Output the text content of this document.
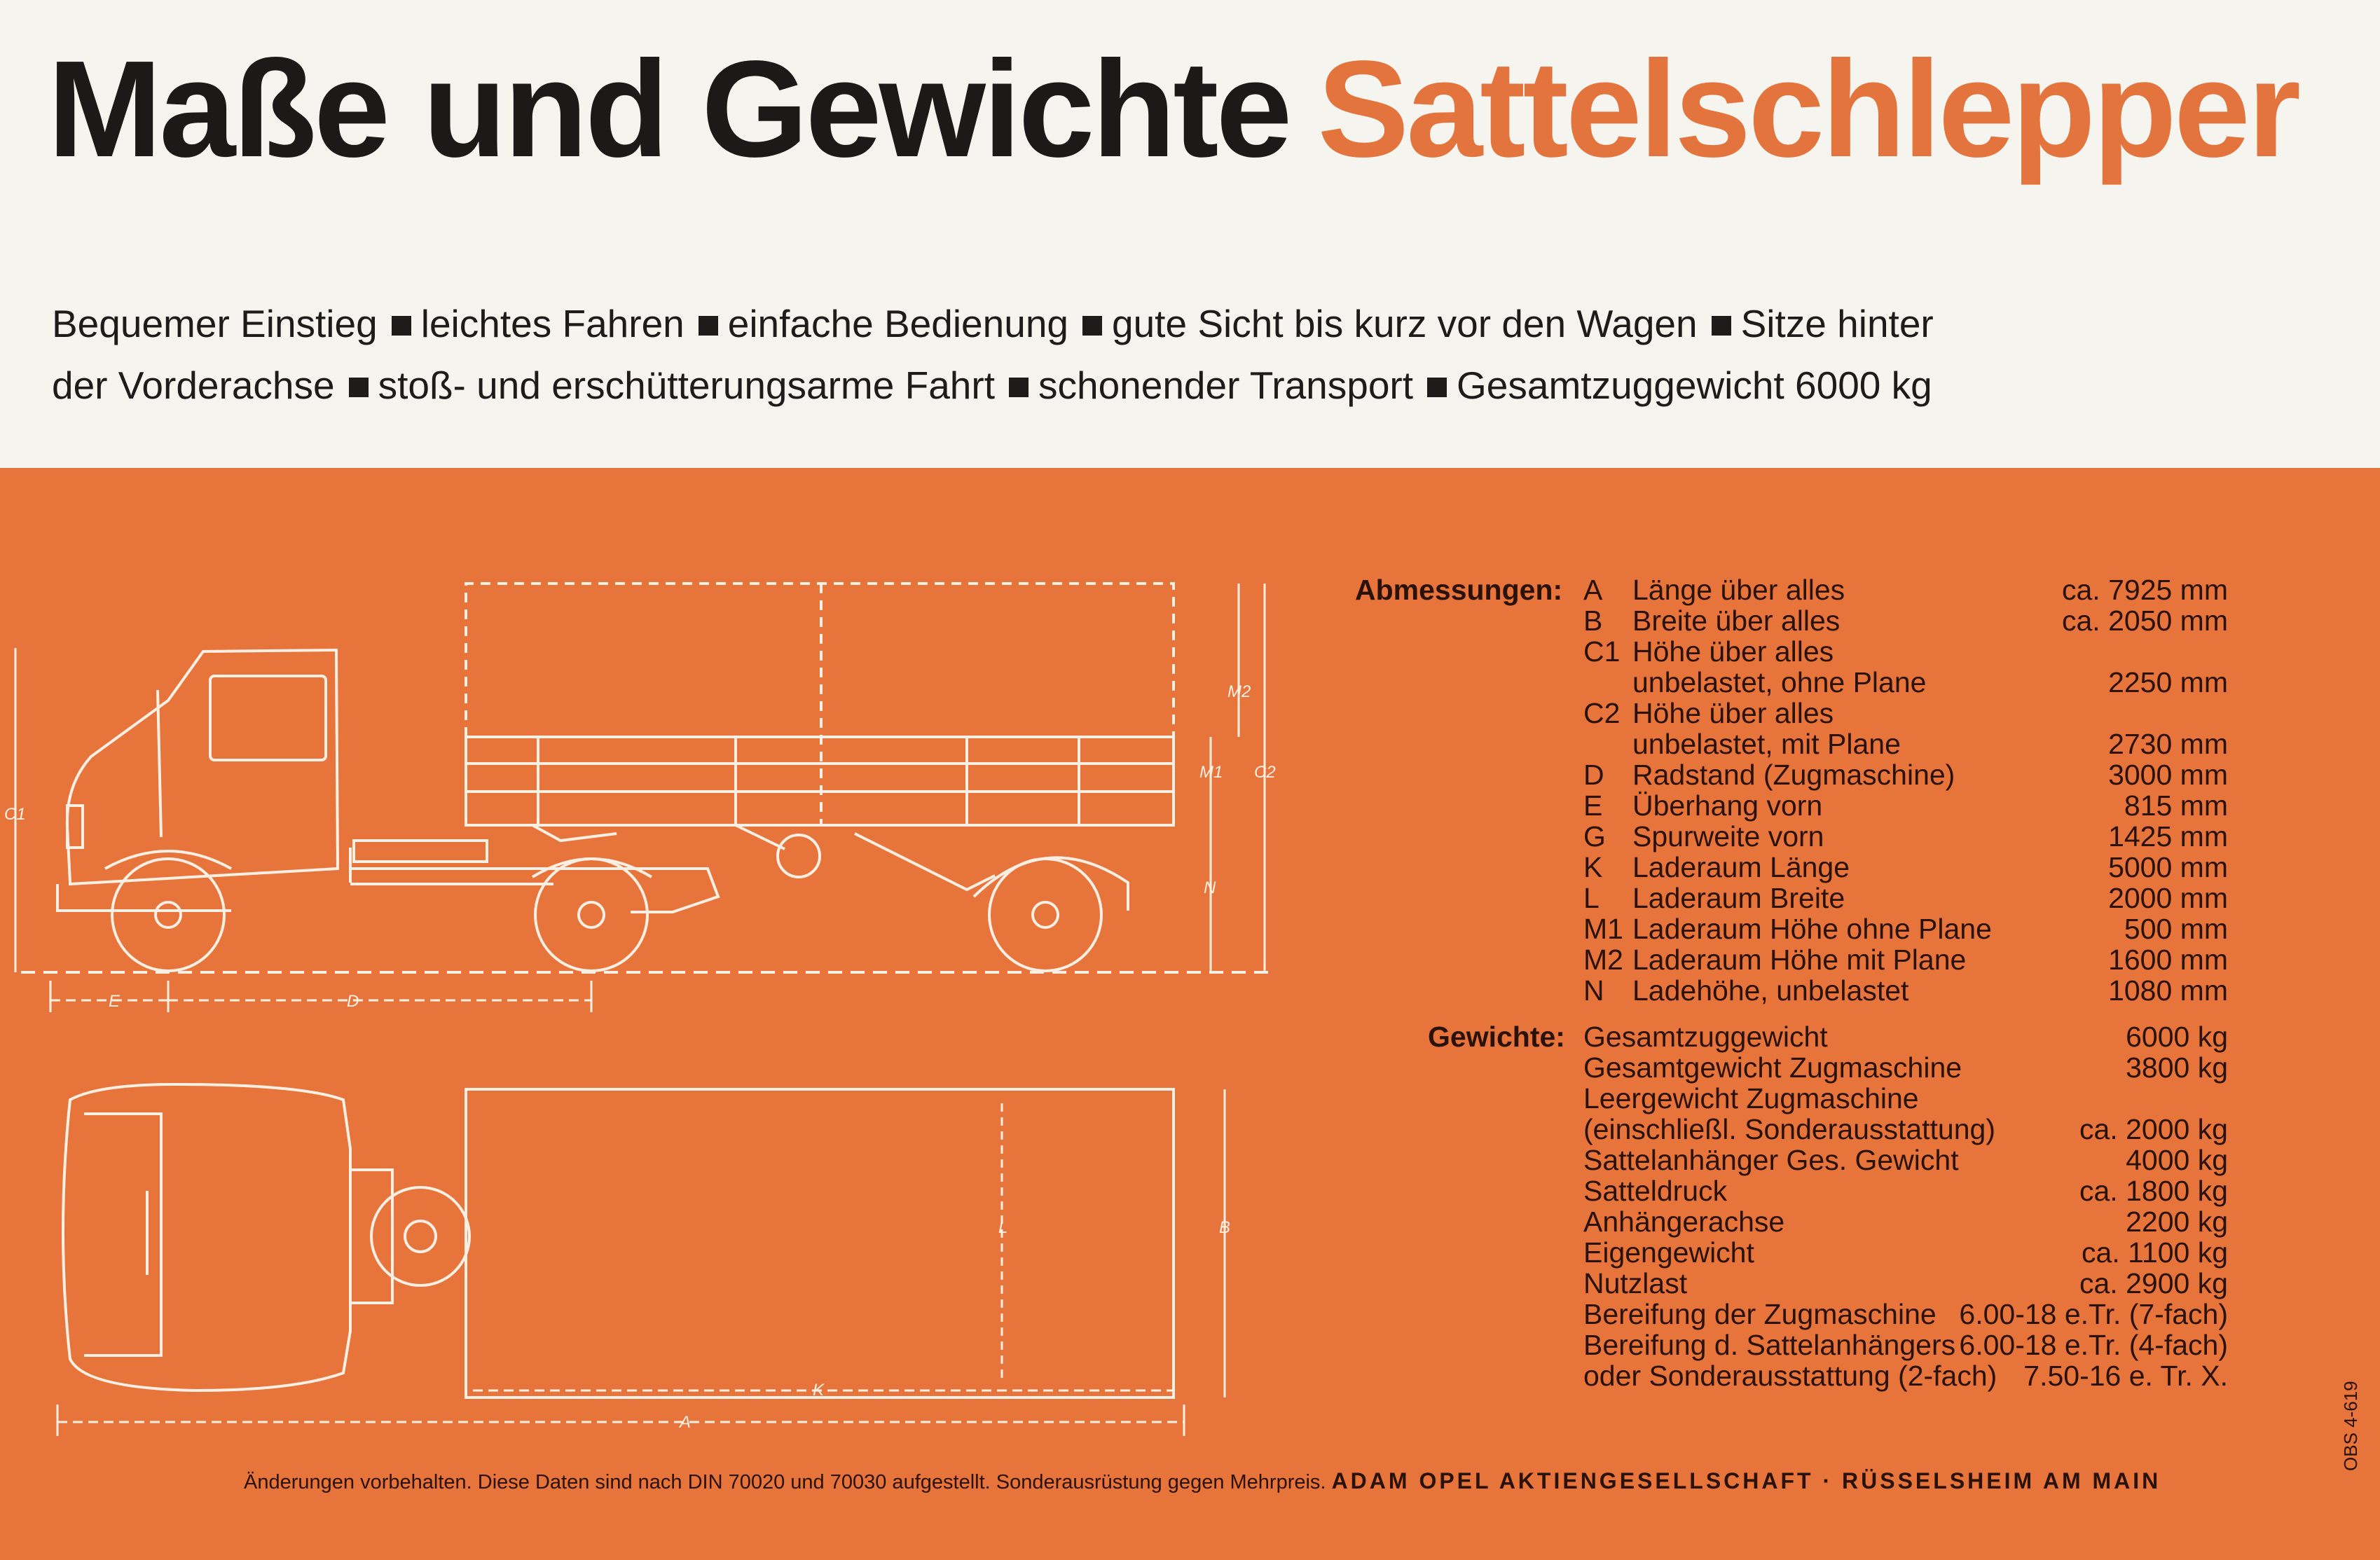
Maße und Gewichte Sattelschlepper
Bequemer Einstieg leichtes Fahren einfache Bedienung gute Sicht bis kurz vor den Wagen Sitze hinter
der Vorderachse stoß- und erschütterungsarme Fahrt schonender Transport Gesamtzuggewicht 6000 kg
C1
M2
M1 C2
N
E	D
L	B
K
A
Abmessungen: A Länge über alles	ca. 7925 mm
B Breite über alles	ca. 2050 mm
C1 Höhe über alles
unbelastet, ohne Plane	2250 mm
C2 Höhe über alles
unbelastet, mit Plane	2730 mm
D Radstand (Zugmaschine)	3000 mm
E Überhang vorn	815 mm
G Spurweite vorn	1425 mm
K Laderaum Länge	5000 mm
L Laderaum Breite	2000 mm
M1 Laderaum Höhe ohne Plane	500 mm
M2 Laderaum Höhe mit Plane	1600 mm
N Ladehöhe, unbelastet	1080 mm
Gewichte: Gesamtzuggewicht	6000 kg
Gesamtgewicht Zugmaschine	3800 kg
Leergewicht Zugmaschine
(einschließl. Sonderausstattung)	ca. 2000 kg
Sattelanhänger Ges. Gewicht	4000 kg
Satteldruck	ca. 1800 kg
Anhängerachse	2200 kg
Eigengewicht	ca. 1100 kg
Nutzlast	ca. 2900 kg
Bereifung der Zugmaschine 6.00-18 e.Tr. (7-fach)
Bereifung d. Sattelanhängers 6.00-18 e.Tr. (4-fach)
oder Sonderausstattung (2-fach) 7.50-16 e. Tr. X.
Änderungen vorbehalten. Diese Daten sind nach DIN 70020 und 70030 aufgestellt. Sonderausrüstung gegen Mehrpreis. ADAM OPEL AKTIENGESELLSCHAFT · RÜSSELSHEIM AM MAIN
OBS 4-619
